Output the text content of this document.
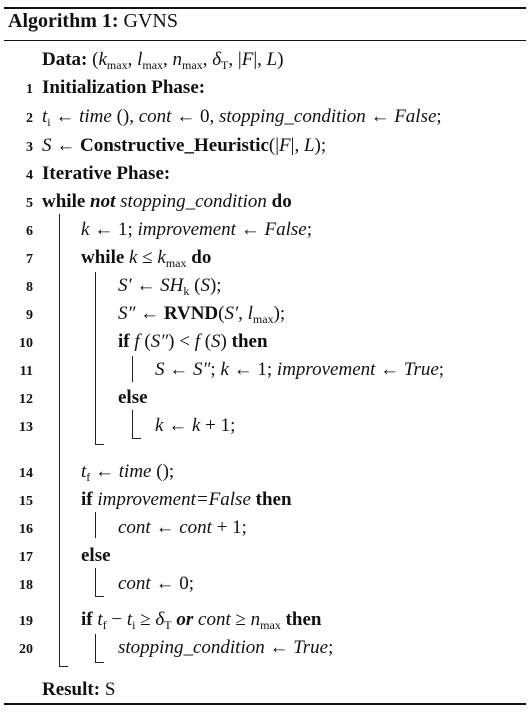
Algorithm 1: GVNS
Data: ($k_{max}$, $l_{max}$, $n_{max}$, $\delta_T$, |F|, L)
1 Initialization Phase:
2 $t_i$ ← time (), cont ← 0, stopping_condition ← False;
3 S ← Constructive_Heuristic(|F|, L);
4 Iterative Phase:
5 while not stopping_condition do
6	k ← 1; improvement ← False;
7	while $k \le k_{max}$ do
8	S′ ← $SH_k$ (S);
9	S″ ← RVND(S′, $l_{max}$);
10	if f (S″) < f (S) then
11	S ← S″; k ← 1; improvement ← True;
12	else
13	k ← k + 1;
14	$t_f$ ← time ();
15	if improvement=False then
16	cont ← cont + 1;
17	else
18	cont ← 0;
19	if $t_f - t_i \ge \delta_T$ or cont ≥ $n_{max}$ then
20	stopping_condition ← True;
Result: S
